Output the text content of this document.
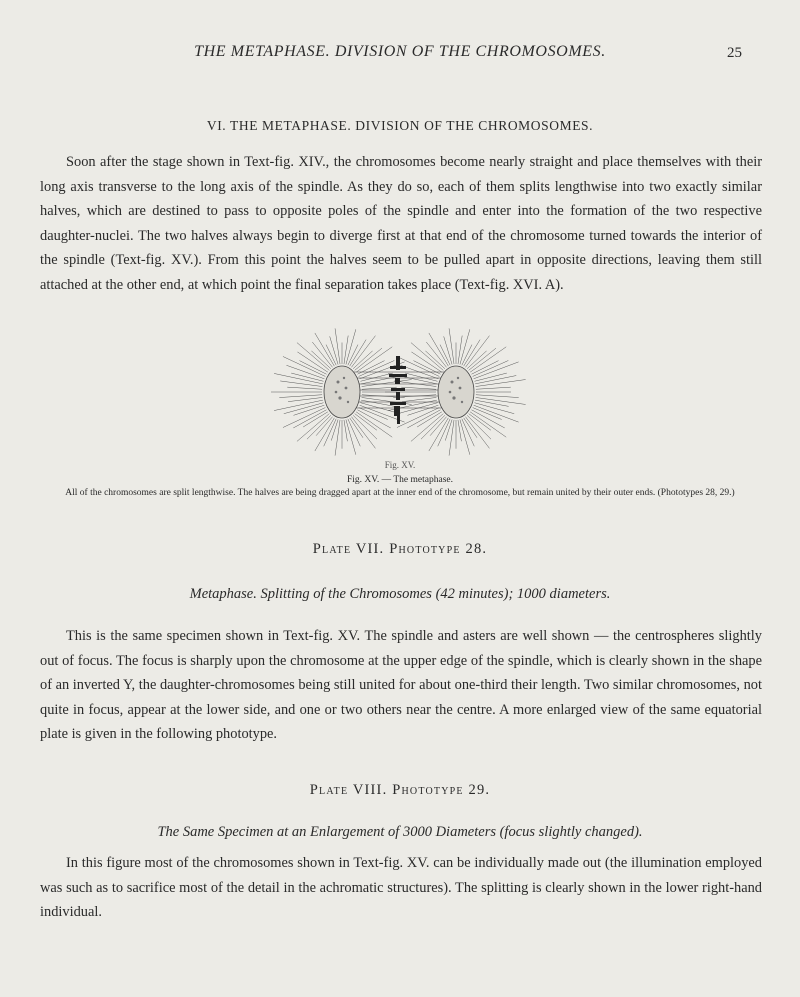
THE METAPHASE. DIVISION OF THE CHROMOSOMES.	25
VI. THE METAPHASE. DIVISION OF THE CHROMOSOMES.

Soon after the stage shown in Text-fig. XIV., the chromosomes become nearly straight and place themselves with their long axis transverse to the long axis of the spindle. As they do so, each of them splits lengthwise into two exactly similar halves, which are destined to pass to opposite poles of the spindle and enter into the formation of the two respective daughter-nuclei. The two halves always begin to diverge first at that end of the chromosome turned towards the interior of the spindle (Text-fig. XV.). From this point the halves seem to be pulled apart in opposite directions, leaving them still attached at the other end, at which point the final separation takes place (Text-fig. XVI. A).

Fig. XV.
Fig. XV. — The metaphase.

All of the chromosomes are split lengthwise. The halves are being dragged apart at the inner end of the chromosome, but remain united by their outer ends. (Phototypes 28, 29.)

Plate VII. Phototype 28.
Metaphase. Splitting of the Chromosomes (42 minutes); 1000 diameters.

This is the same specimen shown in Text-fig. XV. The spindle and asters are well shown — the centrospheres slightly out of focus. The focus is sharply upon the chromosome at the upper edge of the spindle, which is clearly shown in the shape of an inverted Y, the daughter-chromosomes being still united for about one-third their length. Two similar chromosomes, not quite in focus, appear at the lower side, and one or two others near the centre. A more enlarged view of the same equatorial plate is given in the following phototype.

Plate VIII. Phototype 29.
The Same Specimen at an Enlargement of 3000 Diameters (focus slightly changed).

In this figure most of the chromosomes shown in Text-fig. XV. can be individually made out (the illumination employed was such as to sacrifice most of the detail in the achromatic structures). The splitting is clearly shown in the lower right-hand individual.
